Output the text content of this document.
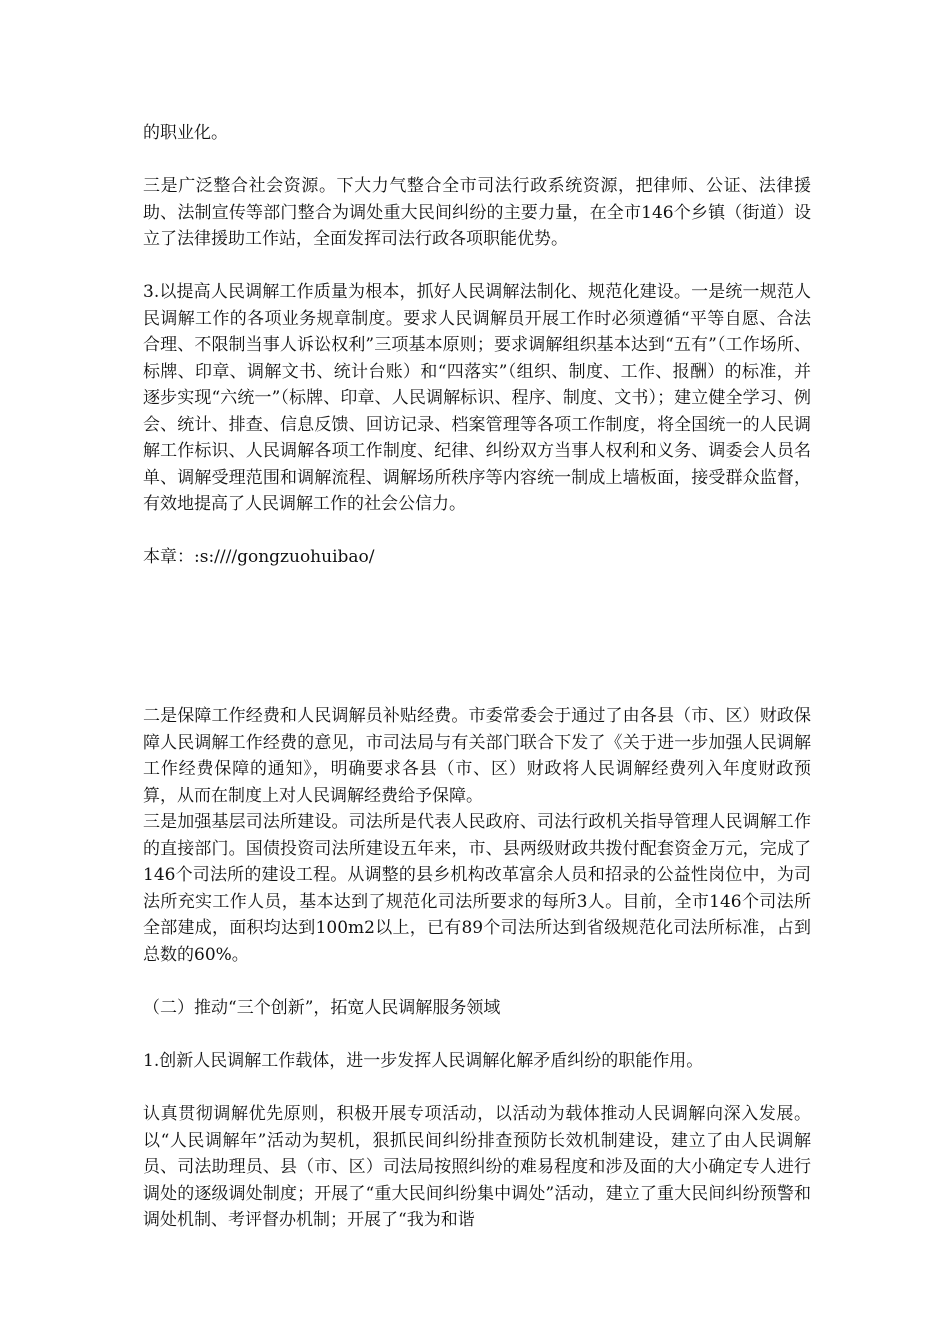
的职业化。

三是广泛整合社会资源。下大力气整合全市司法行政系统资源，把律师、公证、法律援助、法制宣传等部门整合为调处重大民间纠纷的主要力量，在全市146个乡镇（街道）设立了法律援助工作站，全面发挥司法行政各项职能优势。

3.以提高人民调解工作质量为根本，抓好人民调解法制化、规范化建设。一是统一规范人民调解工作的各项业务规章制度。要求人民调解员开展工作时必须遵循“平等自愿、合法合理、不限制当事人诉讼权利”三项基本原则；要求调解组织基本达到“五有”（工作场所、标牌、印章、调解文书、统计台账）和“四落实”（组织、制度、工作、报酬）的标准，并逐步实现“六统一”（标牌、印章、人民调解标识、程序、制度、文书）；建立健全学习、例会、统计、排查、信息反馈、回访记录、档案管理等各项工作制度，将全国统一的人民调解工作标识、人民调解各项工作制度、纪律、纠纷双方当事人权利和义务、调委会人员名单、调解受理范围和调解流程、调解场所秩序等内容统一制成上墙板面，接受群众监督，有效地提高了人民调解工作的社会公信力。

本章：:s:////gongzuohuibao/

二是保障工作经费和人民调解员补贴经费。市委常委会于通过了由各县（市、区）财政保障人民调解工作经费的意见，市司法局与有关部门联合下发了《关于进一步加强人民调解工作经费保障的通知》，明确要求各县（市、区）财政将人民调解经费列入年度财政预算，从而在制度上对人民调解经费给予保障。

三是加强基层司法所建设。司法所是代表人民政府、司法行政机关指导管理人民调解工作的直接部门。国债投资司法所建设五年来，市、县两级财政共拨付配套资金万元，完成了146个司法所的建设工程。从调整的县乡机构改革富余人员和招录的公益性岗位中，为司法所充实工作人员，基本达到了规范化司法所要求的每所3人。目前，全市146个司法所全部建成，面积均达到100m2以上，已有89个司法所达到省级规范化司法所标准，占到总数的60%。

（二）推动“三个创新”，拓宽人民调解服务领域

1.创新人民调解工作载体，进一步发挥人民调解化解矛盾纠纷的职能作用。

认真贯彻调解优先原则，积极开展专项活动，以活动为载体推动人民调解向深入发展。以“人民调解年”活动为契机，狠抓民间纠纷排查预防长效机制建设，建立了由人民调解员、司法助理员、县（市、区）司法局按照纠纷的难易程度和涉及面的大小确定专人进行调处的逐级调处制度；开展了“重大民间纠纷集中调处”活动，建立了重大民间纠纷预警和调处机制、考评督办机制；开展了“我为和谐
